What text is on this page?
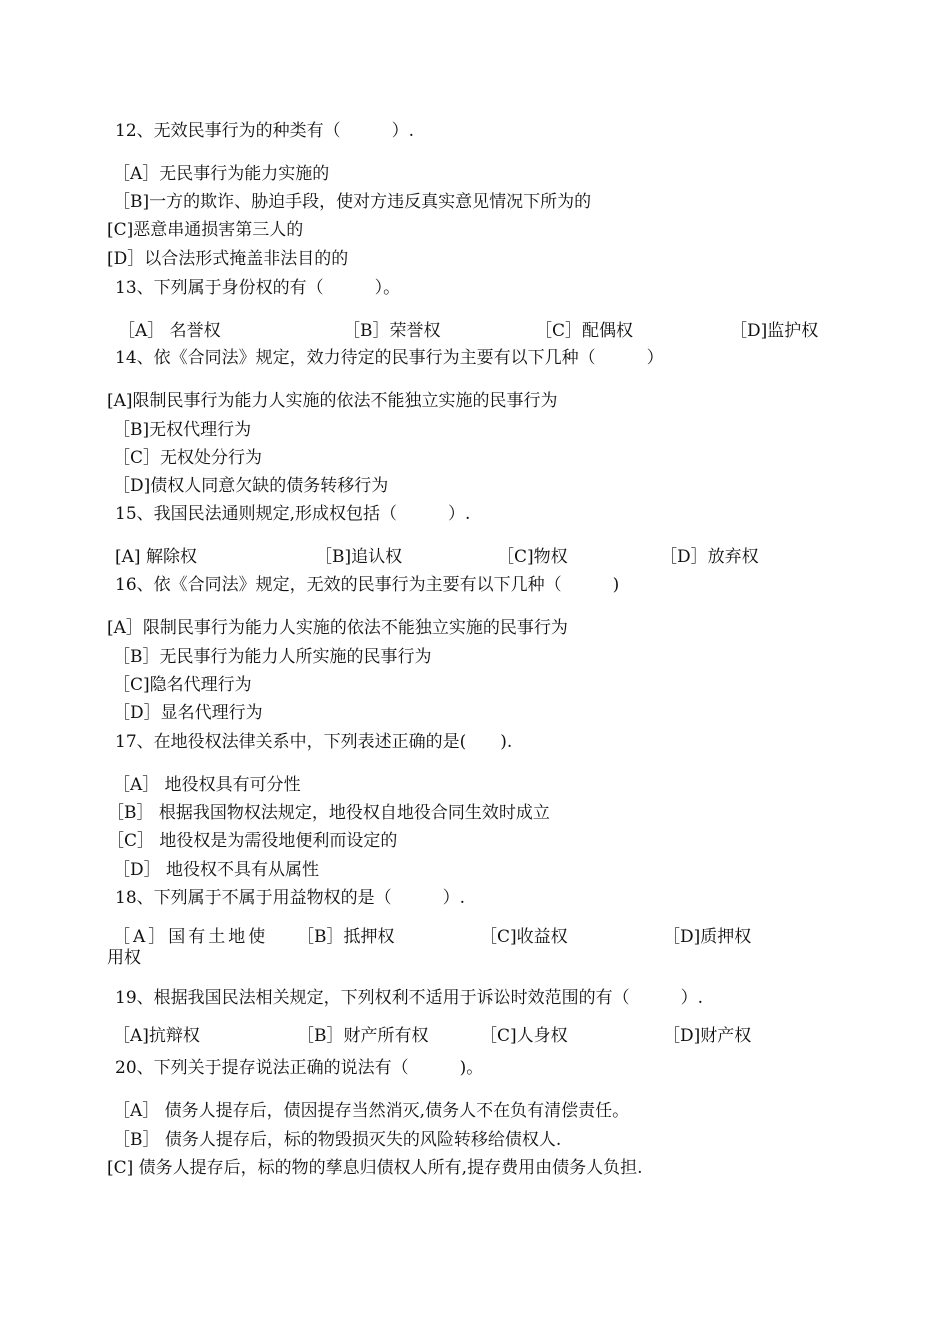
12、无效民事行为的种类有（　　　）.
［A］无民事行为能力实施的
［B]一方的欺诈、胁迫手段，使对方违反真实意见情况下所为的
[C]恶意串通损害第三人的
[D］以合法形式掩盖非法目的的
13、下列属于身份权的有（　　　）。
［A］ 名誉权	［B］荣誉权	［C］配偶权	［D]监护权
14、依《合同法》规定，效力待定的民事行为主要有以下几种（　　　）
[A]限制民事行为能力人实施的依法不能独立实施的民事行为
［B]无权代理行为
［C］无权处分行为
［D]债权人同意欠缺的债务转移行为
15、我国民法通则规定,形成权包括（　　　）.
[A] 解除权	［B]追认权	［C]物权	［D］放弃权
16、依《合同法》规定，无效的民事行为主要有以下几种（　　　)
[A］限制民事行为能力人实施的依法不能独立实施的民事行为
［B］无民事行为能力人所实施的民事行为
［C]隐名代理行为
［D］显名代理行为
17、在地役权法律关系中，下列表述正确的是(　　).
［A］ 地役权具有可分性
［B］ 根据我国物权法规定，地役权自地役合同生效时成立
［C］ 地役权是为需役地便利而设定的
［D］ 地役权不具有从属性
18、下列属于不属于用益物权的是（　　　）.
［A］国有土地使
用权
［B］抵押权	［C]收益权	［D]质押权
19、根据我国民法相关规定，下列权利不适用于诉讼时效范围的有（　　　）.
［A]抗辩权	［B］财产所有权	［C]人身权	［D]财产权
20、下列关于提存说法正确的说法有（　　　)。
［A］ 债务人提存后，债因提存当然消灭,债务人不在负有清偿责任。
［B］ 债务人提存后，标的物毁损灭失的风险转移给债权人.
[C] 债务人提存后，标的物的孳息归债权人所有,提存费用由债务人负担.
